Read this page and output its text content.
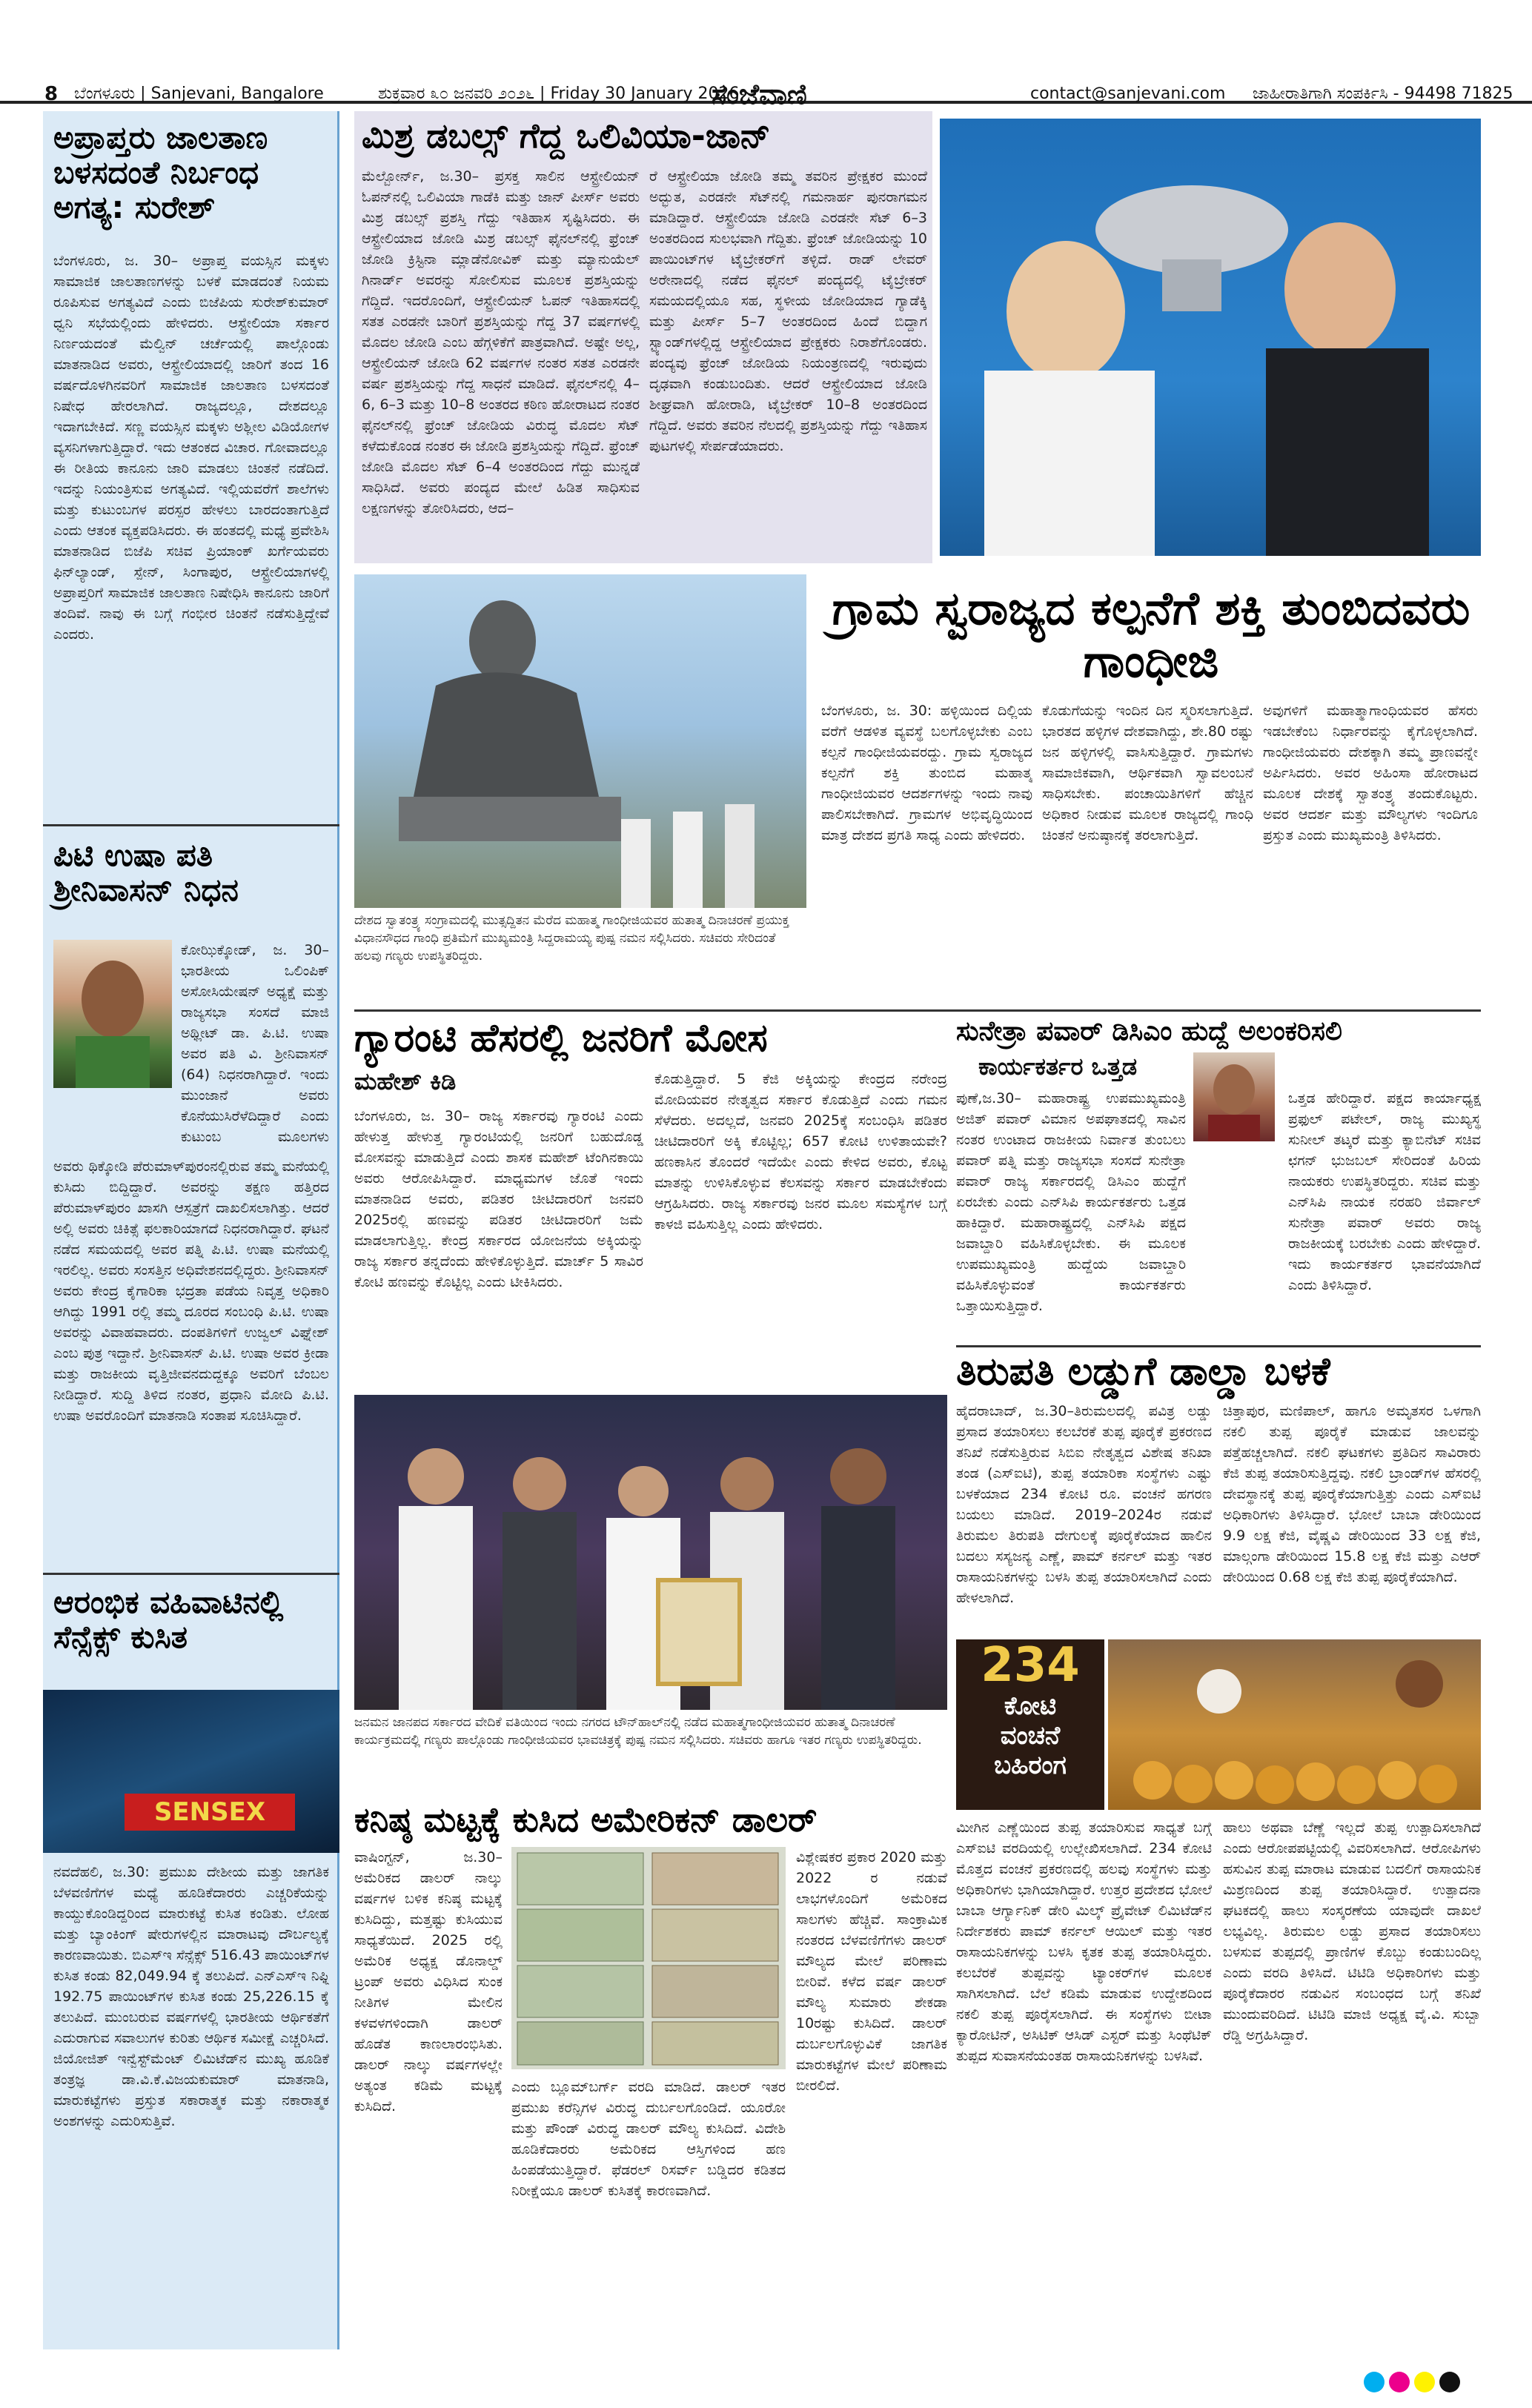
8 ಬೆಂಗಳೂರು | Sanjevani, Bangalore	ಶುಕ್ರವಾರ ೩೦ ಜನವರಿ ೨೦೨೬ | Friday 30 January 2026
ಸಂಜೆವಾಣಿ	contact@sanjevani.com ಜಾಹೀರಾತಿಗಾಗಿ ಸಂಪರ್ಕಿಸಿ - 94498 71825
ಅಪ್ರಾಪ್ತರು ಜಾಲತಾಣ ಬಳಸದಂತೆ ನಿರ್ಬಂಧ ಅಗತ್ಯ: ಸುರೇಶ್
ಬೆಂಗಳೂರು, ಜ. 30– ಅಪ್ರಾಪ್ತ ವಯಸ್ಸಿನ ಮಕ್ಕಳು ಸಾಮಾಜಿಕ ಜಾಲತಾಣಗಳನ್ನು ಬಳಕೆ ಮಾಡದಂತೆ ನಿಯಮ ರೂಪಿಸುವ ಅಗತ್ಯವಿದೆ ಎಂದು ಬಿಜೆಪಿಯ ಸುರೇಶ್‌ಕುಮಾರ್ ಧ್ವನಿ ಸಭೆಯಲ್ಲಿಂದು ಹೇಳಿದರು. ಆಸ್ಟ್ರೇಲಿಯಾ ಸರ್ಕಾರ ನಿರ್ಣಯದಂತೆ ಮೆಲ್ವಿನ್ ಚರ್ಚೆಯಲ್ಲಿ ಪಾಲ್ಗೊಂಡು ಮಾತನಾಡಿದ ಅವರು, ಆಸ್ಟ್ರೇಲಿಯಾದಲ್ಲಿ ಜಾರಿಗೆ ತಂದ 16 ವರ್ಷದೊಳಗಿನವರಿಗೆ ಸಾಮಾಜಿಕ ಜಾಲತಾಣ ಬಳಸದಂತೆ ನಿಷೇಧ ಹೇರಲಾಗಿದೆ. ರಾಜ್ಯದಲ್ಲೂ, ದೇಶದಲ್ಲೂ ಇದಾಗಬೇಕಿದೆ. ಸಣ್ಣ ವಯಸ್ಸಿನ ಮಕ್ಕಳು ಅಶ್ಲೀಲ ವಿಡಿಯೋಗಳ ವ್ಯಸನಿಗಳಾಗುತ್ತಿದ್ದಾರೆ. ಇದು ಆತಂಕದ ವಿಚಾರ. ಗೋವಾದಲ್ಲೂ ಈ ರೀತಿಯ ಕಾನೂನು ಜಾರಿ ಮಾಡಲು ಚಿಂತನೆ ನಡೆದಿದೆ. ಇದನ್ನು ನಿಯಂತ್ರಿಸುವ ಅಗತ್ಯವಿದೆ. ಇಲ್ಲಿಯವರೆಗೆ ಶಾಲೆಗಳು ಮತ್ತು ಕುಟುಂಬಗಳ ಪರಸ್ಪರ ಹೇಳಲು ಬಾರದಂತಾಗುತ್ತಿದೆ ಎಂದು ಆತಂಕ ವ್ಯಕ್ತಪಡಿಸಿದರು. ಈ ಹಂತದಲ್ಲಿ ಮಧ್ಯೆ ಪ್ರವೇಶಿಸಿ ಮಾತನಾಡಿದ ಬಿಜೆಪಿ ಸಚಿವ ಪ್ರಿಯಾಂಕ್ ಖರ್ಗೆಯವರು ಫಿನ್‌ಲ್ಯಾಂಡ್, ಸ್ಪೇನ್, ಸಿಂಗಾಪುರ, ಆಸ್ಟ್ರೇಲಿಯಾಗಳಲ್ಲಿ ಅಪ್ರಾಪ್ತರಿಗೆ ಸಾಮಾಜಿಕ ಜಾಲತಾಣ ನಿಷೇಧಿಸಿ ಕಾನೂನು ಜಾರಿಗೆ ತಂದಿವೆ. ನಾವು ಈ ಬಗ್ಗೆ ಗಂಭೀರ ಚಿಂತನೆ ನಡೆಸುತ್ತಿದ್ದೇವೆ ಎಂದರು.
ಪಿಟಿ ಉಷಾ ಪತಿ ಶ್ರೀನಿವಾಸನ್ ನಿಧನ
ಕೋಝಿಕ್ಕೋಡ್, ಜ. 30– ಭಾರತೀಯ ಒಲಿಂಪಿಕ್ ಅಸೋಸಿಯೇಷನ್ ಅಧ್ಯಕ್ಷೆ ಮತ್ತು ರಾಜ್ಯಸಭಾ ಸಂಸದೆ ಮಾಜಿ ಅಥ್ಲೀಟ್ ಡಾ. ಪಿ.ಟಿ. ಉಷಾ ಅವರ ಪತಿ ವಿ. ಶ್ರೀನಿವಾಸನ್ (64) ನಿಧನರಾಗಿದ್ದಾರೆ. ಇಂದು ಮುಂಜಾನೆ ಅವರು ಕೊನೆಯುಸಿರೆಳೆದಿದ್ದಾರೆ ಎಂದು ಕುಟುಂಬ ಮೂಲಗಳು
ಅವರು ಥಿಕ್ಕೋಡಿ ಪೆರುಮಾಳ್‌ಪುರಂನಲ್ಲಿರುವ ತಮ್ಮ ಮನೆಯಲ್ಲಿ ಕುಸಿದು ಬಿದ್ದಿದ್ದಾರೆ. ಅವರನ್ನು ತಕ್ಷಣ ಹತ್ತಿರದ ಪೆರುಮಾಳ್‌ಪುರಂ ಖಾಸಗಿ ಆಸ್ಪತ್ರೆಗೆ ದಾಖಲಿಸಲಾಗಿತ್ತು. ಆದರೆ ಅಲ್ಲಿ ಅವರು ಚಿಕಿತ್ಸೆ ಫಲಕಾರಿಯಾಗದೆ ನಿಧನರಾಗಿದ್ದಾರೆ. ಘಟನೆ ನಡೆದ ಸಮಯದಲ್ಲಿ ಅವರ ಪತ್ನಿ ಪಿ.ಟಿ. ಉಷಾ ಮನೆಯಲ್ಲಿ ಇರಲಿಲ್ಲ. ಅವರು ಸಂಸತ್ತಿನ ಅಧಿವೇಶನದಲ್ಲಿದ್ದರು. ಶ್ರೀನಿವಾಸನ್ ಅವರು ಕೇಂದ್ರ ಕೈಗಾರಿಕಾ ಭದ್ರತಾ ಪಡೆಯ ನಿವೃತ್ತ ಅಧಿಕಾರಿ ಆಗಿದ್ದು 1991 ರಲ್ಲಿ ತಮ್ಮ ದೂರದ ಸಂಬಂಧಿ ಪಿ.ಟಿ. ಉಷಾ ಅವರನ್ನು ವಿವಾಹವಾದರು. ದಂಪತಿಗಳಿಗೆ ಉಜ್ವಲ್ ವಿಘ್ನೇಶ್ ಎಂಬ ಪುತ್ರ ಇದ್ದಾನೆ. ಶ್ರೀನಿವಾಸನ್ ಪಿ.ಟಿ. ಉಷಾ ಅವರ ಕ್ರೀಡಾ ಮತ್ತು ರಾಜಕೀಯ ವೃತ್ತಿಜೀವನದುದ್ದಕ್ಕೂ ಅವರಿಗೆ ಬೆಂಬಲ ನೀಡಿದ್ದಾರೆ. ಸುದ್ದಿ ತಿಳಿದ ನಂತರ, ಪ್ರಧಾನಿ ಮೋದಿ ಪಿ.ಟಿ. ಉಷಾ ಅವರೊಂದಿಗೆ ಮಾತನಾಡಿ ಸಂತಾಪ ಸೂಚಿಸಿದ್ದಾರೆ.
ಆರಂಭಿಕ ವಹಿವಾಟಿನಲ್ಲಿ ಸೆನ್ಸೆಕ್ಸ್ ಕುಸಿತ
SENSEX
ನವದೆಹಲಿ, ಜ.30: ಪ್ರಮುಖ ದೇಶೀಯ ಮತ್ತು ಜಾಗತಿಕ ಬೆಳವಣಿಗೆಗಳ ಮಧ್ಯೆ ಹೂಡಿಕೆದಾರರು ಎಚ್ಚರಿಕೆಯನ್ನು ಕಾಯ್ದುಕೊಂಡಿದ್ದರಿಂದ ಮಾರುಕಟ್ಟೆ ಕುಸಿತ ಕಂಡಿತು. ಲೋಹ ಮತ್ತು ಬ್ಯಾಂಕಿಂಗ್ ಷೇರುಗಳಲ್ಲಿನ ಮಾರಾಟವು ದೌರ್ಬಲ್ಯಕ್ಕೆ ಕಾರಣವಾಯಿತು. ಬಿಎಸ್‌ಇ ಸೆನ್ಸೆಕ್ಸ್ 516.43 ಪಾಯಿಂಟ್‌ಗಳ ಕುಸಿತ ಕಂಡು 82,049.94 ಕ್ಕೆ ತಲುಪಿದೆ. ಎನ್‌ಎಸ್‌ಇ ನಿಫ್ಟಿ 192.75 ಪಾಯಿಂಟ್‌ಗಳ ಕುಸಿತ ಕಂಡು 25,226.15 ಕ್ಕೆ ತಲುಪಿದೆ. ಮುಂಬರುವ ವರ್ಷಗಳಲ್ಲಿ ಭಾರತೀಯ ಆರ್ಥಿಕತೆಗೆ ಎದುರಾಗುವ ಸವಾಲುಗಳ ಕುರಿತು ಆರ್ಥಿಕ ಸಮೀಕ್ಷೆ ಎಚ್ಚರಿಸಿದೆ. ಜಿಯೋಜಿತ್ ಇನ್ವೆಸ್ಟ್‌ಮೆಂಟ್ ಲಿಮಿಟೆಡ್‌ನ ಮುಖ್ಯ ಹೂಡಿಕೆ ತಂತ್ರಜ್ಞ ಡಾ.ವಿ.ಕೆ.ವಿಜಯಕುಮಾರ್ ಮಾತನಾಡಿ, ಮಾರುಕಟ್ಟೆಗಳು ಪ್ರಸ್ತುತ ಸಕಾರಾತ್ಮಕ ಮತ್ತು ನಕಾರಾತ್ಮಕ ಅಂಶಗಳನ್ನು ಎದುರಿಸುತ್ತಿವೆ.
ಮಿಶ್ರ ಡಬಲ್ಸ್ ಗೆದ್ದ ಒಲಿವಿಯಾ-ಜಾನ್
ಮೆಲ್ಬೋರ್ನ್, ಜ.30– ಪ್ರಸಕ್ತ ಸಾಲಿನ ಆಸ್ಟ್ರೇಲಿಯನ್ ಓಪನ್‌ನಲ್ಲಿ ಒಲಿವಿಯಾ ಗಾಡೆಕಿ ಮತ್ತು ಜಾನ್ ಪೀರ್ಸ್ ಅವರು ಮಿಶ್ರ ಡಬಲ್ಸ್ ಪ್ರಶಸ್ತಿ ಗೆದ್ದು ಇತಿಹಾಸ ಸೃಷ್ಟಿಸಿದರು. ಈ ಆಸ್ಟ್ರೇಲಿಯಾದ ಜೋಡಿ ಮಿಶ್ರ ಡಬಲ್ಸ್ ಫೈನಲ್‌ನಲ್ಲಿ ಫ್ರೆಂಚ್ ಜೋಡಿ ಕ್ರಿಸ್ಟಿನಾ ಮ್ಲಾಡೆನೋವಿಕ್ ಮತ್ತು ಮ್ಯಾನುಯೆಲ್ ಗಿನಾರ್ಡ್ ಅವರನ್ನು ಸೋಲಿಸುವ ಮೂಲಕ ಪ್ರಶಸ್ತಿಯನ್ನು ಗೆದ್ದಿದೆ. ಇದರೊಂದಿಗೆ, ಆಸ್ಟ್ರೇಲಿಯನ್ ಓಪನ್ ಇತಿಹಾಸದಲ್ಲಿ ಸತತ ಎರಡನೇ ಬಾರಿಗೆ ಪ್ರಶಸ್ತಿಯನ್ನು ಗೆದ್ದ 37 ವರ್ಷಗಳಲ್ಲಿ ಮೊದಲ ಜೋಡಿ ಎಂಬ ಹೆಗ್ಗಳಿಕೆಗೆ ಪಾತ್ರವಾಗಿದೆ. ಅಷ್ಟೇ ಅಲ್ಲ, ಆಸ್ಟ್ರೇಲಿಯನ್ ಜೋಡಿ 62 ವರ್ಷಗಳ ನಂತರ ಸತತ ಎರಡನೇ ವರ್ಷ ಪ್ರಶಸ್ತಿಯನ್ನು ಗೆದ್ದ ಸಾಧನೆ ಮಾಡಿದೆ. ಫೈನಲ್‌ನಲ್ಲಿ 4–6, 6–3 ಮತ್ತು 10–8 ಅಂತರದ ಕಠಿಣ ಹೋರಾಟದ ನಂತರ ಫೈನಲ್‌ನಲ್ಲಿ ಫ್ರೆಂಚ್ ಜೋಡಿಯ ವಿರುದ್ಧ ಮೊದಲ ಸೆಟ್ ಕಳೆದುಕೊಂಡ ನಂತರ ಈ ಜೋಡಿ ಪ್ರಶಸ್ತಿಯನ್ನು ಗೆದ್ದಿದೆ. ಫ್ರೆಂಚ್ ಜೋಡಿ ಮೊದಲ ಸೆಟ್ 6–4 ಅಂತರದಿಂದ ಗೆದ್ದು ಮುನ್ನಡೆ ಸಾಧಿಸಿದೆ. ಅವರು ಪಂದ್ಯದ ಮೇಲೆ ಹಿಡಿತ ಸಾಧಿಸುವ ಲಕ್ಷಣಗಳನ್ನು ತೋರಿಸಿದರು, ಆದ–
ರೆ ಆಸ್ಟ್ರೇಲಿಯಾ ಜೋಡಿ ತಮ್ಮ ತವರಿನ ಪ್ರೇಕ್ಷಕರ ಮುಂದೆ ಅದ್ಭುತ, ಎರಡನೇ ಸೆಟ್‌ನಲ್ಲಿ ಗಮನಾರ್ಹ ಪುನರಾಗಮನ ಮಾಡಿದ್ದಾರೆ. ಆಸ್ಟ್ರೇಲಿಯಾ ಜೋಡಿ ಎರಡನೇ ಸೆಟ್ 6–3 ಅಂತರದಿಂದ ಸುಲಭವಾಗಿ ಗೆದ್ದಿತು. ಫ್ರೆಂಚ್ ಜೋಡಿಯನ್ನು 10 ಪಾಯಿಂಟ್‌ಗಳ ಟೈಬ್ರೇಕರ್‌ಗೆ ತಳ್ಳಿದೆ. ರಾಡ್ ಲೇವರ್ ಅರೇನಾದಲ್ಲಿ ನಡೆದ ಫೈನಲ್ ಪಂದ್ಯದಲ್ಲಿ ಟೈಬ್ರೇಕರ್ ಸಮಯದಲ್ಲಿಯೂ ಸಹ, ಸ್ಥಳೀಯ ಜೋಡಿಯಾದ ಗ್ಯಾಡೆಕ್ಕಿ ಮತ್ತು ಪೀರ್ಸ್ 5–7 ಅಂತರದಿಂದ ಹಿಂದೆ ಬಿದ್ದಾಗ ಸ್ಟ್ಯಾಂಡ್‌ಗಳಲ್ಲಿದ್ದ ಆಸ್ಟ್ರೇಲಿಯಾದ ಪ್ರೇಕ್ಷಕರು ನಿರಾಶೆಗೊಂಡರು. ಪಂದ್ಯವು ಫ್ರೆಂಚ್ ಜೋಡಿಯ ನಿಯಂತ್ರಣದಲ್ಲಿ ಇರುವುದು ದೃಢವಾಗಿ ಕಂಡುಬಂದಿತು. ಆದರೆ ಆಸ್ಟ್ರೇಲಿಯಾದ ಜೋಡಿ ಶೀಘ್ರವಾಗಿ ಹೋರಾಡಿ, ಟೈಬ್ರೇಕರ್ 10–8 ಅಂತರದಿಂದ ಗೆದ್ದಿದೆ. ಅವರು ತವರಿನ ನೆಲದಲ್ಲಿ ಪ್ರಶಸ್ತಿಯನ್ನು ಗೆದ್ದು ಇತಿಹಾಸ ಪುಟಗಳಲ್ಲಿ ಸೇರ್ಪಡೆಯಾದರು.
ದೇಶದ ಸ್ವಾತಂತ್ರ್ಯ ಸಂಗ್ರಾಮದಲ್ಲಿ ಮುತ್ಸದ್ದಿತನ ಮೆರೆದ ಮಹಾತ್ಮ ಗಾಂಧೀಜಿಯವರ ಹುತಾತ್ಮ ದಿನಾಚರಣೆ ಪ್ರಯುಕ್ತ ವಿಧಾನಸೌಧದ ಗಾಂಧಿ ಪ್ರತಿಮೆಗೆ ಮುಖ್ಯಮಂತ್ರಿ ಸಿದ್ದರಾಮಯ್ಯ ಪುಷ್ಪ ನಮನ ಸಲ್ಲಿಸಿದರು. ಸಚಿವರು ಸೇರಿದಂತೆ ಹಲವು ಗಣ್ಯರು ಉಪಸ್ಥಿತರಿದ್ದರು.
ಗ್ರಾಮ ಸ್ವರಾಜ್ಯದ ಕಲ್ಪನೆಗೆ ಶಕ್ತಿ ತುಂಬಿದವರು ಗಾಂಧೀಜಿ
ಬೆಂಗಳೂರು, ಜ. 30: ಹಳ್ಳಿಯಿಂದ ದಿಲ್ಲಿಯ ವರೆಗೆ ಆಡಳಿತ ವ್ಯವಸ್ಥೆ ಬಲಗೊಳ್ಳಬೇಕು ಎಂಬ ಕಲ್ಪನೆ ಗಾಂಧೀಜಿಯವರದ್ದು. ಗ್ರಾಮ ಸ್ವರಾಜ್ಯದ ಕಲ್ಪನೆಗೆ ಶಕ್ತಿ ತುಂಬಿದ ಮಹಾತ್ಮ ಗಾಂಧೀಜಿಯವರ ಆದರ್ಶಗಳನ್ನು ಇಂದು ನಾವು ಪಾಲಿಸಬೇಕಾಗಿದೆ. ಗ್ರಾಮಗಳ ಅಭಿವೃದ್ಧಿಯಿಂದ ಮಾತ್ರ ದೇಶದ ಪ್ರಗತಿ ಸಾಧ್ಯ ಎಂದು ಹೇಳಿದರು.
ಕೊಡುಗೆಯನ್ನು ಇಂದಿನ ದಿನ ಸ್ಮರಿಸಲಾಗುತ್ತಿದೆ. ಭಾರತದ ಹಳ್ಳಿಗಳ ದೇಶವಾಗಿದ್ದು, ಶೇ.80 ರಷ್ಟು ಜನ ಹಳ್ಳಿಗಳಲ್ಲಿ ವಾಸಿಸುತ್ತಿದ್ದಾರೆ. ಗ್ರಾಮಗಳು ಸಾಮಾಜಿಕವಾಗಿ, ಆರ್ಥಿಕವಾಗಿ ಸ್ವಾವಲಂಬನೆ ಸಾಧಿಸಬೇಕು. ಪಂಚಾಯಿತಿಗಳಿಗೆ ಹೆಚ್ಚಿನ ಅಧಿಕಾರ ನೀಡುವ ಮೂಲಕ ರಾಜ್ಯದಲ್ಲಿ ಗಾಂಧಿ ಚಿಂತನೆ ಅನುಷ್ಠಾನಕ್ಕೆ ತರಲಾಗುತ್ತಿದೆ.
ಅವುಗಳಿಗೆ ಮಹಾತ್ಮಾಗಾಂಧಿಯವರ ಹೆಸರು ಇಡಬೇಕೆಂಬ ನಿರ್ಧಾರವನ್ನು ಕೈಗೊಳ್ಳಲಾಗಿದೆ. ಗಾಂಧೀಜಿಯವರು ದೇಶಕ್ಕಾಗಿ ತಮ್ಮ ಪ್ರಾಣವನ್ನೇ ಅರ್ಪಿಸಿದರು. ಅವರ ಅಹಿಂಸಾ ಹೋರಾಟದ ಮೂಲಕ ದೇಶಕ್ಕೆ ಸ್ವಾತಂತ್ರ್ಯ ತಂದುಕೊಟ್ಟರು. ಅವರ ಆದರ್ಶ ಮತ್ತು ಮೌಲ್ಯಗಳು ಇಂದಿಗೂ ಪ್ರಸ್ತುತ ಎಂದು ಮುಖ್ಯಮಂತ್ರಿ ತಿಳಿಸಿದರು.
ಗ್ಯಾರಂಟಿ ಹೆಸರಲ್ಲಿ ಜನರಿಗೆ ಮೋಸ
ಮಹೇಶ್ ಕಿಡಿ
ಬೆಂಗಳೂರು, ಜ. 30– ರಾಜ್ಯ ಸರ್ಕಾರವು ಗ್ಯಾರಂಟಿ ಎಂದು ಹೇಳುತ್ತ ಹೇಳುತ್ತ ಗ್ಯಾರಂಟಿಯಲ್ಲಿ ಜನರಿಗೆ ಬಹುದೊಡ್ಡ ಮೋಸವನ್ನು ಮಾಡುತ್ತಿದೆ ಎಂದು ಶಾಸಕ ಮಹೇಶ್ ಟೆಂಗಿನಕಾಯಿ ಅವರು ಆರೋಪಿಸಿದ್ದಾರೆ. ಮಾಧ್ಯಮಗಳ ಜೊತೆ ಇಂದು ಮಾತನಾಡಿದ ಅವರು, ಪಡಿತರ ಚೀಟಿದಾರರಿಗೆ ಜನವರಿ 2025ರಲ್ಲಿ ಹಣವನ್ನು ಪಡಿತರ ಚೀಟಿದಾರರಿಗೆ ಜಮೆ ಮಾಡಲಾಗುತ್ತಿಲ್ಲ. ಕೇಂದ್ರ ಸರ್ಕಾರದ ಯೋಜನೆಯ ಅಕ್ಕಿಯನ್ನು ರಾಜ್ಯ ಸರ್ಕಾರ ತನ್ನದೆಂದು ಹೇಳಿಕೊಳ್ಳುತ್ತಿದೆ. ಮಾರ್ಚ್ 5 ಸಾವಿರ ಕೋಟಿ ಹಣವನ್ನು ಕೊಟ್ಟಿಲ್ಲ ಎಂದು ಟೀಕಿಸಿದರು.
ಕೊಡುತ್ತಿದ್ದಾರೆ. 5 ಕೆಜಿ ಅಕ್ಕಿಯನ್ನು ಕೇಂದ್ರದ ನರೇಂದ್ರ ಮೋದಿಯವರ ನೇತೃತ್ವದ ಸರ್ಕಾರ ಕೊಡುತ್ತಿದೆ ಎಂದು ಗಮನ ಸೆಳೆದರು. ಅದಲ್ಲದೆ, ಜನವರಿ 2025ಕ್ಕೆ ಸಂಬಂಧಿಸಿ ಪಡಿತರ ಚೀಟಿದಾರರಿಗೆ ಅಕ್ಕಿ ಕೊಟ್ಟಿಲ್ಲ; 657 ಕೋಟಿ ಉಳಿತಾಯವೇ? ಹಣಕಾಸಿನ ತೊಂದರೆ ಇದೆಯೇ ಎಂದು ಕೇಳಿದ ಅವರು, ಕೊಟ್ಟ ಮಾತನ್ನು ಉಳಿಸಿಕೊಳ್ಳುವ ಕೆಲಸವನ್ನು ಸರ್ಕಾರ ಮಾಡಬೇಕೆಂದು ಆಗ್ರಹಿಸಿದರು. ರಾಜ್ಯ ಸರ್ಕಾರವು ಜನರ ಮೂಲ ಸಮಸ್ಯೆಗಳ ಬಗ್ಗೆ ಕಾಳಜಿ ವಹಿಸುತ್ತಿಲ್ಲ ಎಂದು ಹೇಳಿದರು.
ಜನಮನ ಜಾನಪದ ಸರ್ಕಾರದ ವೇದಿಕೆ ವತಿಯಿಂದ ಇಂದು ನಗರದ ಟೌನ್‌ಹಾಲ್‌ನಲ್ಲಿ ನಡೆದ ಮಹಾತ್ಮಗಾಂಧೀಜಿಯವರ ಹುತಾತ್ಮ ದಿನಾಚರಣೆ ಕಾರ್ಯಕ್ರಮದಲ್ಲಿ ಗಣ್ಯರು ಪಾಲ್ಗೊಂಡು ಗಾಂಧೀಜಿಯವರ ಭಾವಚಿತ್ರಕ್ಕೆ ಪುಷ್ಪ ನಮನ ಸಲ್ಲಿಸಿದರು. ಸಚಿವರು ಹಾಗೂ ಇತರ ಗಣ್ಯರು ಉಪಸ್ಥಿತರಿದ್ದರು.
ಸುನೇತ್ರಾ ಪವಾರ್ ಡಿಸಿಎಂ ಹುದ್ದೆ ಅಲಂಕರಿಸಲಿ
ಕಾರ್ಯಕರ್ತರ ಒತ್ತಡ
ಪುಣೆ,ಜ.30– ಮಹಾರಾಷ್ಟ್ರ ಉಪಮುಖ್ಯಮಂತ್ರಿ ಅಜಿತ್ ಪವಾರ್ ವಿಮಾನ ಅಪಘಾತದಲ್ಲಿ ಸಾವಿನ ನಂತರ ಉಂಟಾದ ರಾಜಕೀಯ ನಿರ್ವಾತ ತುಂಬಲು ಪವಾರ್ ಪತ್ನಿ ಮತ್ತು ರಾಜ್ಯಸಭಾ ಸಂಸದೆ ಸುನೇತ್ರಾ ಪವಾರ್ ರಾಜ್ಯ ಸರ್ಕಾರದಲ್ಲಿ ಡಿಸಿಎಂ ಹುದ್ದೆಗೆ ಏರಬೇಕು ಎಂದು ಎನ್‌ಸಿಪಿ ಕಾರ್ಯಕರ್ತರು ಒತ್ತಡ ಹಾಕಿದ್ದಾರೆ. ಮಹಾರಾಷ್ಟ್ರದಲ್ಲಿ ಎನ್‌ಸಿಪಿ ಪಕ್ಷದ ಜವಾಬ್ದಾರಿ ವಹಿಸಿಕೊಳ್ಳಬೇಕು. ಈ ಮೂಲಕ ಉಪಮುಖ್ಯಮಂತ್ರಿ ಹುದ್ದೆಯ ಜವಾಬ್ದಾರಿ ವಹಿಸಿಕೊಳ್ಳುವಂತೆ ಕಾರ್ಯಕರ್ತರು ಒತ್ತಾಯಿಸುತ್ತಿದ್ದಾರೆ.
ಒತ್ತಡ ಹೇರಿದ್ದಾರೆ. ಪಕ್ಷದ ಕಾರ್ಯಾಧ್ಯಕ್ಷ ಪ್ರಫುಲ್ ಪಟೇಲ್, ರಾಜ್ಯ ಮುಖ್ಯಸ್ಥ ಸುನೀಲ್ ತಟ್ಕರೆ ಮತ್ತು ಕ್ಯಾಬಿನೆಟ್ ಸಚಿವ ಛಗನ್ ಭುಜಬಲ್ ಸೇರಿದಂತೆ ಹಿರಿಯ ನಾಯಕರು ಉಪಸ್ಥಿತರಿದ್ದರು. ಸಚಿವ ಮತ್ತು ಎನ್‌ಸಿಪಿ ನಾಯಕ ನರಹರಿ ಜಿರ್ವಾಲ್ ಸುನೇತ್ರಾ ಪವಾರ್ ಅವರು ರಾಜ್ಯ ರಾಜಕೀಯಕ್ಕೆ ಬರಬೇಕು ಎಂದು ಹೇಳಿದ್ದಾರೆ. ಇದು ಕಾರ್ಯಕರ್ತರ ಭಾವನೆಯಾಗಿದೆ ಎಂದು ತಿಳಿಸಿದ್ದಾರೆ.
ತಿರುಪತಿ ಲಡ್ಡುಗೆ ಡಾಲ್ಡಾ ಬಳಕೆ
ಹೈದರಾಬಾದ್, ಜ.30–ತಿರುಮಲದಲ್ಲಿ ಪವಿತ್ರ ಲಡ್ಡು ಪ್ರಸಾದ ತಯಾರಿಸಲು ಕಲಬೆರಕೆ ತುಪ್ಪ ಪೂರೈಕೆ ಪ್ರಕರಣದ ತನಿಖೆ ನಡೆಸುತ್ತಿರುವ ಸಿಬಿಐ ನೇತೃತ್ವದ ವಿಶೇಷ ತನಿಖಾ ತಂಡ (ಎಸ್‌ಐಟಿ), ತುಪ್ಪ ತಯಾರಿಕಾ ಸಂಸ್ಥೆಗಳು ಎಷ್ಟು ಬಳಕೆಯಾದ 234 ಕೋಟಿ ರೂ. ವಂಚನೆ ಹಗರಣ ಬಯಲು ಮಾಡಿದೆ. 2019–2024ರ ನಡುವೆ ತಿರುಮಲ ತಿರುಪತಿ ದೇಗುಲಕ್ಕೆ ಪೂರೈಕೆಯಾದ ಹಾಲಿನ ಬದಲು ಸಸ್ಯಜನ್ಯ ಎಣ್ಣೆ, ಪಾಮ್ ಕರ್ನಲ್ ಮತ್ತು ಇತರ ರಾಸಾಯನಿಕಗಳನ್ನು ಬಳಸಿ ತುಪ್ಪ ತಯಾರಿಸಲಾಗಿದೆ ಎಂದು ಹೇಳಲಾಗಿದೆ.
ಚಿತ್ತಾಪುರ, ಮಣಿಪಾಲ್, ಹಾಗೂ ಅಮೃತಸರ ಒಳಗಾಗಿ ನಕಲಿ ತುಪ್ಪ ಪೂರೈಕೆ ಮಾಡುವ ಜಾಲವನ್ನು ಪತ್ತೆಹಚ್ಚಲಾಗಿದೆ. ನಕಲಿ ಘಟಕಗಳು ಪ್ರತಿದಿನ ಸಾವಿರಾರು ಕೆಜಿ ತುಪ್ಪ ತಯಾರಿಸುತ್ತಿದ್ದವು. ನಕಲಿ ಬ್ರಾಂಡ್‌ಗಳ ಹೆಸರಲ್ಲಿ ದೇವಸ್ಥಾನಕ್ಕೆ ತುಪ್ಪ ಪೂರೈಕೆಯಾಗುತ್ತಿತ್ತು ಎಂದು ಎಸ್‌ಐಟಿ ಅಧಿಕಾರಿಗಳು ತಿಳಿಸಿದ್ದಾರೆ. ಭೋಲೆ ಬಾಬಾ ಡೇರಿಯಿಂದ 9.9 ಲಕ್ಷ ಕೆಜಿ, ವೈಷ್ಣವಿ ಡೇರಿಯಿಂದ 33 ಲಕ್ಷ ಕೆಜಿ, ಮಾಲ್ಗಂಗಾ ಡೇರಿಯಿಂದ 15.8 ಲಕ್ಷ ಕೆಜಿ ಮತ್ತು ಎಆರ್ ಡೇರಿಯಿಂದ 0.68 ಲಕ್ಷ ಕೆಜಿ ತುಪ್ಪ ಪೂರೈಕೆಯಾಗಿದೆ.
234
ಕೋಟಿ
ವಂಚನೆ
ಬಹಿರಂಗ
ಮೀಗಿನ ಎಣ್ಣೆಯಿಂದ ತುಪ್ಪ ತಯಾರಿಸುವ ಸಾಧ್ಯತೆ ಬಗ್ಗೆ ಎಸ್‌ಐಟಿ ವರದಿಯಲ್ಲಿ ಉಲ್ಲೇಖಿಸಲಾಗಿದೆ. 234 ಕೋಟಿ ಮೊತ್ತದ ವಂಚನೆ ಪ್ರಕರಣದಲ್ಲಿ ಹಲವು ಸಂಸ್ಥೆಗಳು ಮತ್ತು ಅಧಿಕಾರಿಗಳು ಭಾಗಿಯಾಗಿದ್ದಾರೆ. ಉತ್ತರ ಪ್ರದೇಶದ ಭೋಲೆ ಬಾಬಾ ಆರ್ಗ್ಯಾನಿಕ್ ಡೇರಿ ಮಿಲ್ಕ್ ಪ್ರೈವೇಟ್ ಲಿಮಿಟೆಡ್‌ನ ನಿರ್ದೇಶಕರು ಪಾಮ್ ಕರ್ನಲ್ ಆಯಿಲ್ ಮತ್ತು ಇತರ ರಾಸಾಯನಿಕಗಳನ್ನು ಬಳಸಿ ಕೃತಕ ತುಪ್ಪ ತಯಾರಿಸಿದ್ದರು. ಕಲಬೆರಕೆ ತುಪ್ಪವನ್ನು ಟ್ಯಾಂಕರ್‌ಗಳ ಮೂಲಕ ಸಾಗಿಸಲಾಗಿದೆ. ಬೆಲೆ ಕಡಿಮೆ ಮಾಡುವ ಉದ್ದೇಶದಿಂದ ನಕಲಿ ತುಪ್ಪ ಪೂರೈಸಲಾಗಿದೆ. ಈ ಸಂಸ್ಥೆಗಳು ಬೀಟಾ ಕ್ಯಾರೋಟಿನ್, ಅಸಿಟಿಕ್ ಆಸಿಡ್ ಎಸ್ಟರ್ ಮತ್ತು ಸಿಂಥೆಟಿಕ್ ತುಪ್ಪದ ಸುವಾಸನೆಯಂತಹ ರಾಸಾಯನಿಕಗಳನ್ನು ಬಳಸಿವೆ.
ಹಾಲು ಅಥವಾ ಬೆಣ್ಣೆ ಇಲ್ಲದೆ ತುಪ್ಪ ಉತ್ಪಾದಿಸಲಾಗಿದೆ ಎಂದು ಆರೋಪಪಟ್ಟಿಯಲ್ಲಿ ವಿವರಿಸಲಾಗಿದೆ. ಆರೋಪಿಗಳು ಹಸುವಿನ ತುಪ್ಪ ಮಾರಾಟ ಮಾಡುವ ಬದಲಿಗೆ ರಾಸಾಯನಿಕ ಮಿಶ್ರಣದಿಂದ ತುಪ್ಪ ತಯಾರಿಸಿದ್ದಾರೆ. ಉತ್ಪಾದನಾ ಘಟಕದಲ್ಲಿ ಹಾಲು ಸಂಸ್ಕರಣೆಯ ಯಾವುದೇ ದಾಖಲೆ ಲಭ್ಯವಿಲ್ಲ. ತಿರುಮಲ ಲಡ್ಡು ಪ್ರಸಾದ ತಯಾರಿಸಲು ಬಳಸುವ ತುಪ್ಪದಲ್ಲಿ ಪ್ರಾಣಿಗಳ ಕೊಬ್ಬು ಕಂಡುಬಂದಿಲ್ಲ ಎಂದು ವರದಿ ತಿಳಿಸಿದೆ. ಟಿಟಿಡಿ ಅಧಿಕಾರಿಗಳು ಮತ್ತು ಪೂರೈಕೆದಾರರ ನಡುವಿನ ಸಂಬಂಧದ ಬಗ್ಗೆ ತನಿಖೆ ಮುಂದುವರಿದಿದೆ. ಟಿಟಿಡಿ ಮಾಜಿ ಅಧ್ಯಕ್ಷ ವೈ.ವಿ. ಸುಬ್ಬಾ ರೆಡ್ಡಿ ಅಗ್ರಹಿಸಿದ್ದಾರೆ.
ಕನಿಷ್ಠ ಮಟ್ಟಕ್ಕೆ ಕುಸಿದ ಅಮೇರಿಕನ್ ಡಾಲರ್
ವಾಷಿಂಗ್ಟನ್, ಜ.30– ಅಮೆರಿಕದ ಡಾಲರ್ ನಾಲ್ಕು ವರ್ಷಗಳ ಬಳಿಕ ಕನಿಷ್ಠ ಮಟ್ಟಕ್ಕೆ ಕುಸಿದಿದ್ದು, ಮತ್ತಷ್ಟು ಕುಸಿಯುವ ಸಾಧ್ಯತೆಯಿದೆ. 2025 ರಲ್ಲಿ ಅಮೆರಿಕ ಅಧ್ಯಕ್ಷ ಡೊನಾಲ್ಡ್ ಟ್ರಂಪ್ ಅವರು ವಿಧಿಸಿದ ಸುಂಕ ನೀತಿಗಳ ಮೇಲಿನ ಕಳವಳಗಳಿಂದಾಗಿ ಡಾಲರ್ ಹೊಡೆತ ಕಾಣಲಾರಂಭಿಸಿತು. ಡಾಲರ್ ನಾಲ್ಕು ವರ್ಷಗಳಲ್ಲೇ ಅತ್ಯಂತ ಕಡಿಮೆ ಮಟ್ಟಕ್ಕೆ ಕುಸಿದಿದೆ.
ಎಂದು ಬ್ಲೂಮ್‌ಬರ್ಗ್ ವರದಿ ಮಾಡಿದೆ. ಡಾಲರ್ ಇತರ ಪ್ರಮುಖ ಕರೆನ್ಸಿಗಳ ವಿರುದ್ಧ ದುರ್ಬಲಗೊಂಡಿದೆ. ಯೂರೋ ಮತ್ತು ಪೌಂಡ್ ವಿರುದ್ಧ ಡಾಲರ್ ಮೌಲ್ಯ ಕುಸಿದಿದೆ. ವಿದೇಶಿ ಹೂಡಿಕೆದಾರರು ಅಮೆರಿಕದ ಆಸ್ತಿಗಳಿಂದ ಹಣ ಹಿಂಪಡೆಯುತ್ತಿದ್ದಾರೆ. ಫೆಡರಲ್ ರಿಸರ್ವ್ ಬಡ್ಡಿದರ ಕಡಿತದ ನಿರೀಕ್ಷೆಯೂ ಡಾಲರ್ ಕುಸಿತಕ್ಕೆ ಕಾರಣವಾಗಿದೆ.
ವಿಶ್ಲೇಷಕರ ಪ್ರಕಾರ 2020 ಮತ್ತು 2022 ರ ನಡುವೆ ಲಾಭಗಳೊಂದಿಗೆ ಅಮೆರಿಕದ ಸಾಲಗಳು ಹೆಚ್ಚಿವೆ. ಸಾಂಕ್ರಾಮಿಕ ನಂತರದ ಬೆಳವಣಿಗೆಗಳು ಡಾಲರ್ ಮೌಲ್ಯದ ಮೇಲೆ ಪರಿಣಾಮ ಬೀರಿವೆ. ಕಳೆದ ವರ್ಷ ಡಾಲರ್ ಮೌಲ್ಯ ಸುಮಾರು ಶೇಕಡಾ 10ರಷ್ಟು ಕುಸಿದಿದೆ. ಡಾಲರ್ ದುರ್ಬಲಗೊಳ್ಳುವಿಕೆ ಜಾಗತಿಕ ಮಾರುಕಟ್ಟೆಗಳ ಮೇಲೆ ಪರಿಣಾಮ ಬೀರಲಿದೆ.
